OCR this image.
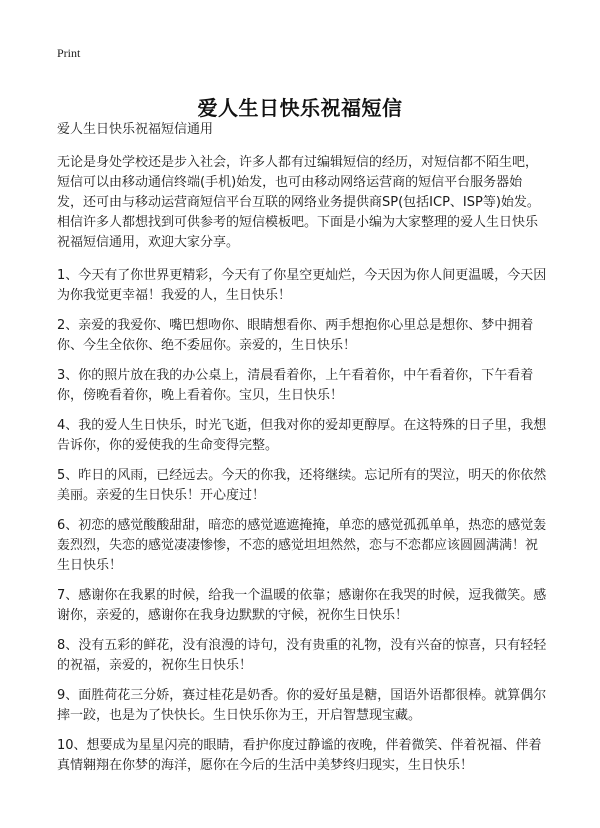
Print
爱人生日快乐祝福短信

爱人生日快乐祝福短信通用

无论是身处学校还是步入社会，许多人都有过编辑短信的经历，对短信都不陌生吧，短信可以由移动通信终端(手机)始发，也可由移动网络运营商的短信平台服务器始发，还可由与移动运营商短信平台互联的网络业务提供商SP(包括ICP、ISP等)始发。相信许多人都想找到可供参考的短信模板吧。下面是小编为大家整理的爱人生日快乐祝福短信通用，欢迎大家分享。

1、今天有了你世界更精彩，今天有了你星空更灿烂，今天因为你人间更温暖，今天因为你我觉更幸福！我爱的人，生日快乐！

2、亲爱的我爱你、嘴巴想吻你、眼睛想看你、两手想抱你心里总是想你、梦中拥着你、今生全依你、绝不委屈你。亲爱的，生日快乐！

3、你的照片放在我的办公桌上，清晨看着你，上午看着你，中午看着你，下午看着你，傍晚看着你，晚上看着你。宝贝，生日快乐！

4、我的爱人生日快乐，时光飞逝，但我对你的爱却更醇厚。在这特殊的日子里，我想告诉你，你的爱使我的生命变得完整。

5、昨日的风雨，已经远去。今天的你我，还将继续。忘记所有的哭泣，明天的你依然美丽。亲爱的生日快乐！开心度过！

6、初恋的感觉酸酸甜甜，暗恋的感觉遮遮掩掩，单恋的感觉孤孤单单，热恋的感觉轰轰烈烈，失恋的感觉凄凄惨惨，不恋的感觉坦坦然然，恋与不恋都应该圆圆满满！祝生日快乐！

7、感谢你在我累的时候，给我一个温暖的依靠；感谢你在我哭的时候，逗我微笑。感谢你，亲爱的，感谢你在我身边默默的守候，祝你生日快乐！

8、没有五彩的鲜花，没有浪漫的诗句，没有贵重的礼物，没有兴奋的惊喜，只有轻轻的祝福，亲爱的，祝你生日快乐！

9、面胜荷花三分娇，赛过桂花是奶香。你的爱好虽是糖，国语外语都很棒。就算偶尔摔一跤，也是为了快快长。生日快乐你为王，开启智慧现宝藏。

10、想要成为星星闪亮的眼睛，看护你度过静谧的夜晚，伴着微笑、伴着祝福、伴着真情翱翔在你梦的海洋，愿你在今后的生活中美梦终归现实，生日快乐！
